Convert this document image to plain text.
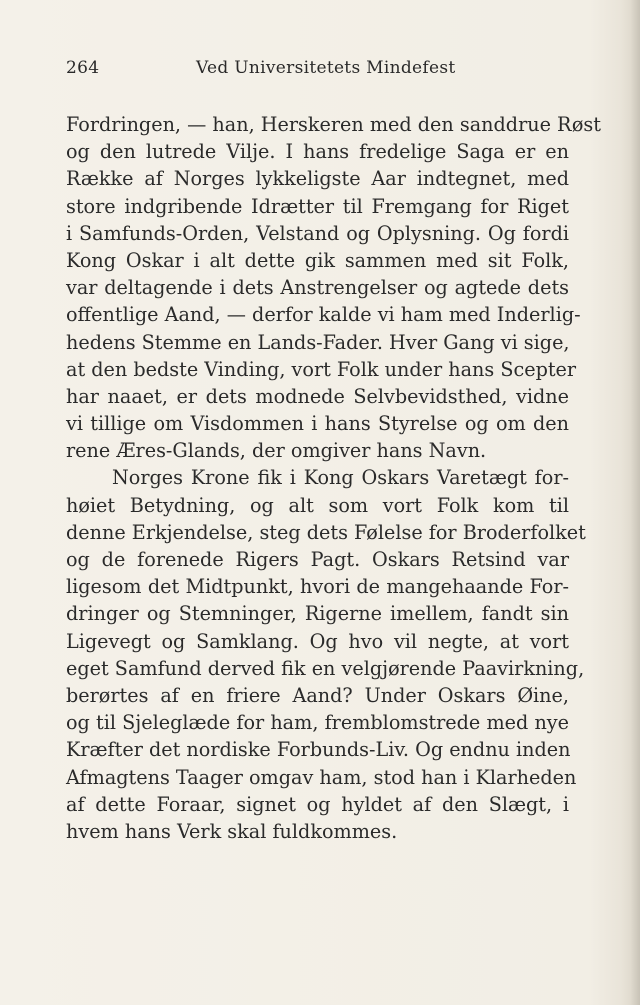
264	Ved Universitetets Mindefest
Fordringen, — han, Herskeren med den sanddrue Røst
og den lutrede Vilje. I hans fredelige Saga er en
Række af Norges lykkeligste Aar indtegnet, med
store indgribende Idrætter til Fremgang for Riget
i Samfunds-Orden, Velstand og Oplysning. Og fordi
Kong Oskar i alt dette gik sammen med sit Folk,
var deltagende i dets Anstrengelser og agtede dets
offentlige Aand, — derfor kalde vi ham med Inderlig-
hedens Stemme en Lands-Fader. Hver Gang vi sige,
at den bedste Vinding, vort Folk under hans Scepter
har naaet, er dets modnede Selvbevidsthed, vidne
vi tillige om Visdommen i hans Styrelse og om den
rene Æres-Glands, der omgiver hans Navn.
Norges Krone fik i Kong Oskars Varetægt for-
høiet Betydning, og alt som vort Folk kom til
denne Erkjendelse, steg dets Følelse for Broderfolket
og de forenede Rigers Pagt. Oskars Retsind var
ligesom det Midtpunkt, hvori de mangehaande For-
dringer og Stemninger, Rigerne imellem, fandt sin
Ligevegt og Samklang. Og hvo vil negte, at vort
eget Samfund derved fik en velgjørende Paavirkning,
berørtes af en friere Aand? Under Oskars Øine,
og til Sjeleglæde for ham, fremblomstrede med nye
Kræfter det nordiske Forbunds-Liv. Og endnu inden
Afmagtens Taager omgav ham, stod han i Klarheden
af dette Foraar, signet og hyldet af den Slægt, i
hvem hans Verk skal fuldkommes.
